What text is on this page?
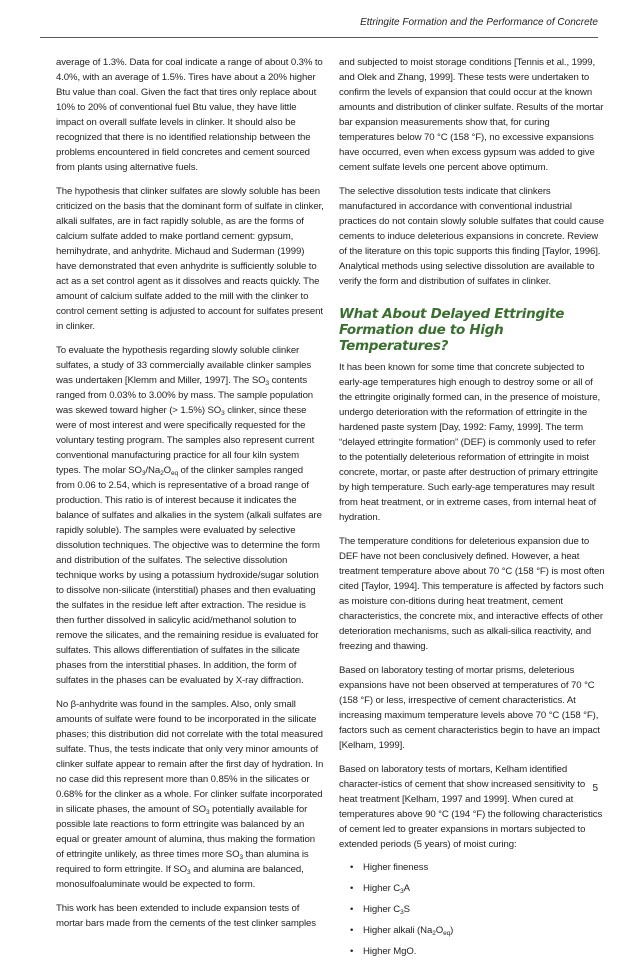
Ettringite Formation and the Performance of Concrete

average of 1.3%. Data for coal indicate a range of about 0.3% to 4.0%, with an average of 1.5%. Tires have about a 20% higher Btu value than coal. Given the fact that tires only replace about 10% to 20% of conventional fuel Btu value, they have little impact on overall sulfate levels in clinker. It should also be recognized that there is no identified relationship between the problems encountered in field concretes and cement sourced from plants using alternative fuels.

The hypothesis that clinker sulfates are slowly soluble has been criticized on the basis that the dominant form of sulfate in clinker, alkali sulfates, are in fact rapidly soluble, as are the forms of calcium sulfate added to make portland cement: gypsum, hemihydrate, and anhydrite. Michaud and Suderman (1999) have demonstrated that even anhydrite is sufficiently soluble to act as a set control agent as it dissolves and reacts quickly. The amount of calcium sulfate added to the mill with the clinker to control cement setting is adjusted to account for sulfates present in clinker.

To evaluate the hypothesis regarding slowly soluble clinker sulfates, a study of 33 commercially available clinker samples was undertaken [Klemm and Miller, 1997]. The $SO_3$ contents ranged from 0.03% to 3.00% by mass. The sample population was skewed toward higher (> 1.5%) $SO_3$ clinker, since these were of most interest and were specifically requested for the voluntary testing program. The samples also represent current conventional manufacturing practice for all four kiln system types. The molar $SO_3/Na_2O_{eq}$ of the clinker samples ranged from 0.06 to 2.54, which is representative of a broad range of production. This ratio is of interest because it indicates the balance of sulfates and alkalies in the system (alkali sulfates are rapidly soluble). The samples were evaluated by selective dissolution techniques. The objective was to determine the form and distribution of the sulfates. The selective dissolution technique works by using a potassium hydroxide/sugar solution to dissolve non-silicate (interstitial) phases and then evaluating the sulfates in the residue left after extraction. The residue is then further dissolved in salicylic acid/methanol solution to remove the silicates, and the remaining residue is evaluated for sulfates. This allows differentiation of sulfates in the silicate phases from the interstitial phases. In addition, the form of sulfates in the phases can be evaluated by X-ray diffraction.

No β-anhydrite was found in the samples. Also, only small amounts of sulfate were found to be incorporated in the silicate phases; this distribution did not correlate with the total measured sulfate. Thus, the tests indicate that only very minor amounts of clinker sulfate appear to remain after the first day of hydration. In no case did this represent more than 0.85% in the silicates or 0.68% for the clinker as a whole. For clinker sulfate incorporated in silicate phases, the amount of $SO_3$ potentially available for possible late reactions to form ettringite was balanced by an equal or greater amount of alumina, thus making the formation of ettringite unlikely, as three times more $SO_3$ than alumina is required to form ettringite. If $SO_3$ and alumina are balanced, monosulfoaluminate would be expected to form.

This work has been extended to include expansion tests of mortar bars made from the cements of the test clinker samples

and subjected to moist storage conditions [Tennis et al., 1999, and Olek and Zhang, 1999]. These tests were undertaken to confirm the levels of expansion that could occur at the known amounts and distribution of clinker sulfate. Results of the mortar bar expansion measurements show that, for curing temperatures below 70 °C (158 °F), no excessive expansions have occurred, even when excess gypsum was added to give cement sulfate levels one percent above optimum.

The selective dissolution tests indicate that clinkers manufactured in accordance with conventional industrial practices do not contain slowly soluble sulfates that could cause cements to induce deleterious expansions in concrete. Review of the literature on this topic supports this finding [Taylor, 1996]. Analytical methods using selective dissolution are available to verify the form and distribution of sulfates in clinker.

What About Delayed Ettringite Formation due to High Temperatures?

It has been known for some time that concrete subjected to early-age temperatures high enough to destroy some or all of the ettringite originally formed can, in the presence of moisture, undergo deterioration with the reformation of ettringite in the hardened paste system [Day, 1992: Famy, 1999]. The term “delayed ettringite formation” (DEF) is commonly used to refer to the potentially deleterious reformation of ettringite in moist concrete, mortar, or paste after destruction of primary ettringite by high temperature. Such early-age temperatures may result from heat treatment, or in extreme cases, from internal heat of hydration.

The temperature conditions for deleterious expansion due to DEF have not been conclusively defined. However, a heat treatment temperature above about 70 °C (158 °F) is most often cited [Taylor, 1994]. This temperature is affected by factors such as moisture con-ditions during heat treatment, cement characteristics, the concrete mix, and interactive effects of other deterioration mechanisms, such as alkali-silica reactivity, and freezing and thawing.

Based on laboratory testing of mortar prisms, deleterious expansions have not been observed at temperatures of 70 °C (158 °F) or less, irrespective of cement characteristics. At increasing maximum temperature levels above 70 °C (158 °F), factors such as cement characteristics begin to have an impact [Kelham, 1999].

Based on laboratory tests of mortars, Kelham identified character-istics of cement that show increased sensitivity to heat treatment [Kelham, 1997 and 1999]. When cured at temperatures above 90 °C (194 °F) the following characteristics of cement led to greater expansions in mortars subjected to extended periods (5 years) of moist curing:

• Higher fineness
• Higher $C_3A$
• Higher $C_3S$
• Higher alkali $(Na_2O_{eq})$
• Higher MgO.
5
